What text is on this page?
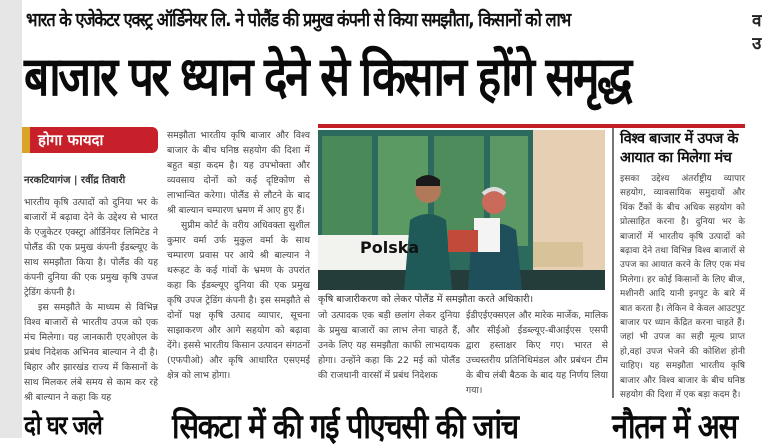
भारत के एजेकेटर एक्स्ट्र ऑर्डिनेयर लि. ने पोलैंड की प्रमुख कंपनी से किया समझौता, किसानों को लाभ
बाजार पर ध्यान देने से किसान होंगे समृद्ध
होगा फायदा
नरकटियागंज | रवींद्र तिवारी

भारतीय कृषि उत्पादों को दुनिया भर के बाजारों में बढ़ावा देने के उद्देश्य से भारत के एजुकेटर एक्स्ट्रा ऑर्डिनेयर लिमिटेड ने पोलैंड की एक प्रमुख कंपनी ईडब्ल्यूए के साथ समझौता किया है। पोलैंड की यह कंपनी दुनिया की एक प्रमुख कृषि उपज ट्रेडिंग कंपनी है।

इस समझौते के माध्यम से विभिन्न विश्व बाजारों से भारतीय उपज को एक मंच मिलेगा। यह जानकारी एएओएल के प्रबंध निदेशक अभिनव बाल्यान ने दी है। बिहार और झारखंड राज्य में किसानों के साथ मिलकर लंबे समय से काम कर रहे श्री बाल्यान ने कहा कि यह

समझौता भारतीय कृषि बाजार और विश्व बाजार के बीच घनिष्ठ सहयोग की दिशा में बहुत बड़ा कदम है। यह उपभोक्ता और व्यवसाय दोनों को कई दृष्टिकोण से लाभान्वित करेगा। पोलैंड से लौटने के बाद श्री बाल्यान चम्पारण भ्रमण में आए हुए हैं।

सुप्रीम कोर्ट के वरीय अधिवक्ता सुशील कुमार वर्मा उर्फ मुकुल वर्मा के साथ चम्पारण प्रवास पर आये श्री बाल्यान ने थरूहट के कई गांवों के भ्रमण के उपरांत कहा कि ईडब्ल्यूए दुनिया की एक प्रमुख कृषि उपज ट्रेडिंग कंपनी है। इस समझौते से दोनों पक्ष कृषि उत्पाद व्यापार, सूचना साझाकरण और आगे सहयोग को बढ़ावा देंगे। इससे भारतीय किसान उत्पादन संगठनों (एफपीओ) और कृषि आधारित एसएमई क्षेत्र को लाभ होगा।

Polska
कृषि बाजारीकरण को लेकर पोलैंड में समझौता करते अधिकारी।

जो उत्पादक एक बड़ी छलांग लेकर दुनिया के प्रमुख बाजारों का लाभ लेना चाहते हैं, उनके लिए यह समझौता काफी लाभदायक होगा। उन्होंने कहा कि 22 मई को पोलैंड की राजधानी वारसॉ में प्रबंध निदेशक

ईडीएईएक्सएल और मारेक मार्जेक, मालिक और सीईओ ईडब्ल्यूए-बीआईएस एसपी द्वारा हस्ताक्षर किए गए। भारत से उच्चस्तरीय प्रतिनिधिमंडल और प्रबंधन टीम के बीच लंबी बैठक के बाद यह निर्णय लिया गया।

विश्व बाजार में उपज के आयात का मिलेगा मंच

इसका उद्देश्य अंतर्राष्ट्रीय व्यापार सहयोग, व्यावसायिक समुदायों और थिंक टैंकों के बीच अधिक सहयोग को प्रोत्साहित करना है। दुनिया भर के बाजारों में भारतीय कृषि उत्पादों को बढ़ावा देने तथा विभिन्न विश्व बाजारों से उपज का आयात करने के लिए एक मंच मिलेगा। हर कोई किसानों के लिए बीज, मशीनरी आदि यानी इनपुट के बारे में बात करता है। लेकिन वे केवल आउटपुट बाजार पर ध्यान केंद्रित करना चाहते हैं। जहां भी उपज का सही मूल्य प्राप्त हो,वहां उपज भेजने की कोशिश होनी चाहिए। यह समझौता भारतीय कृषि बाजार और विश्व बाजार के बीच घनिष्ठ सहयोग की दिशा में एक बड़ा कदम है।

व
उ
दो घर जले सिकटा में की गई पीएचसी की जांच	नौतन में अस
